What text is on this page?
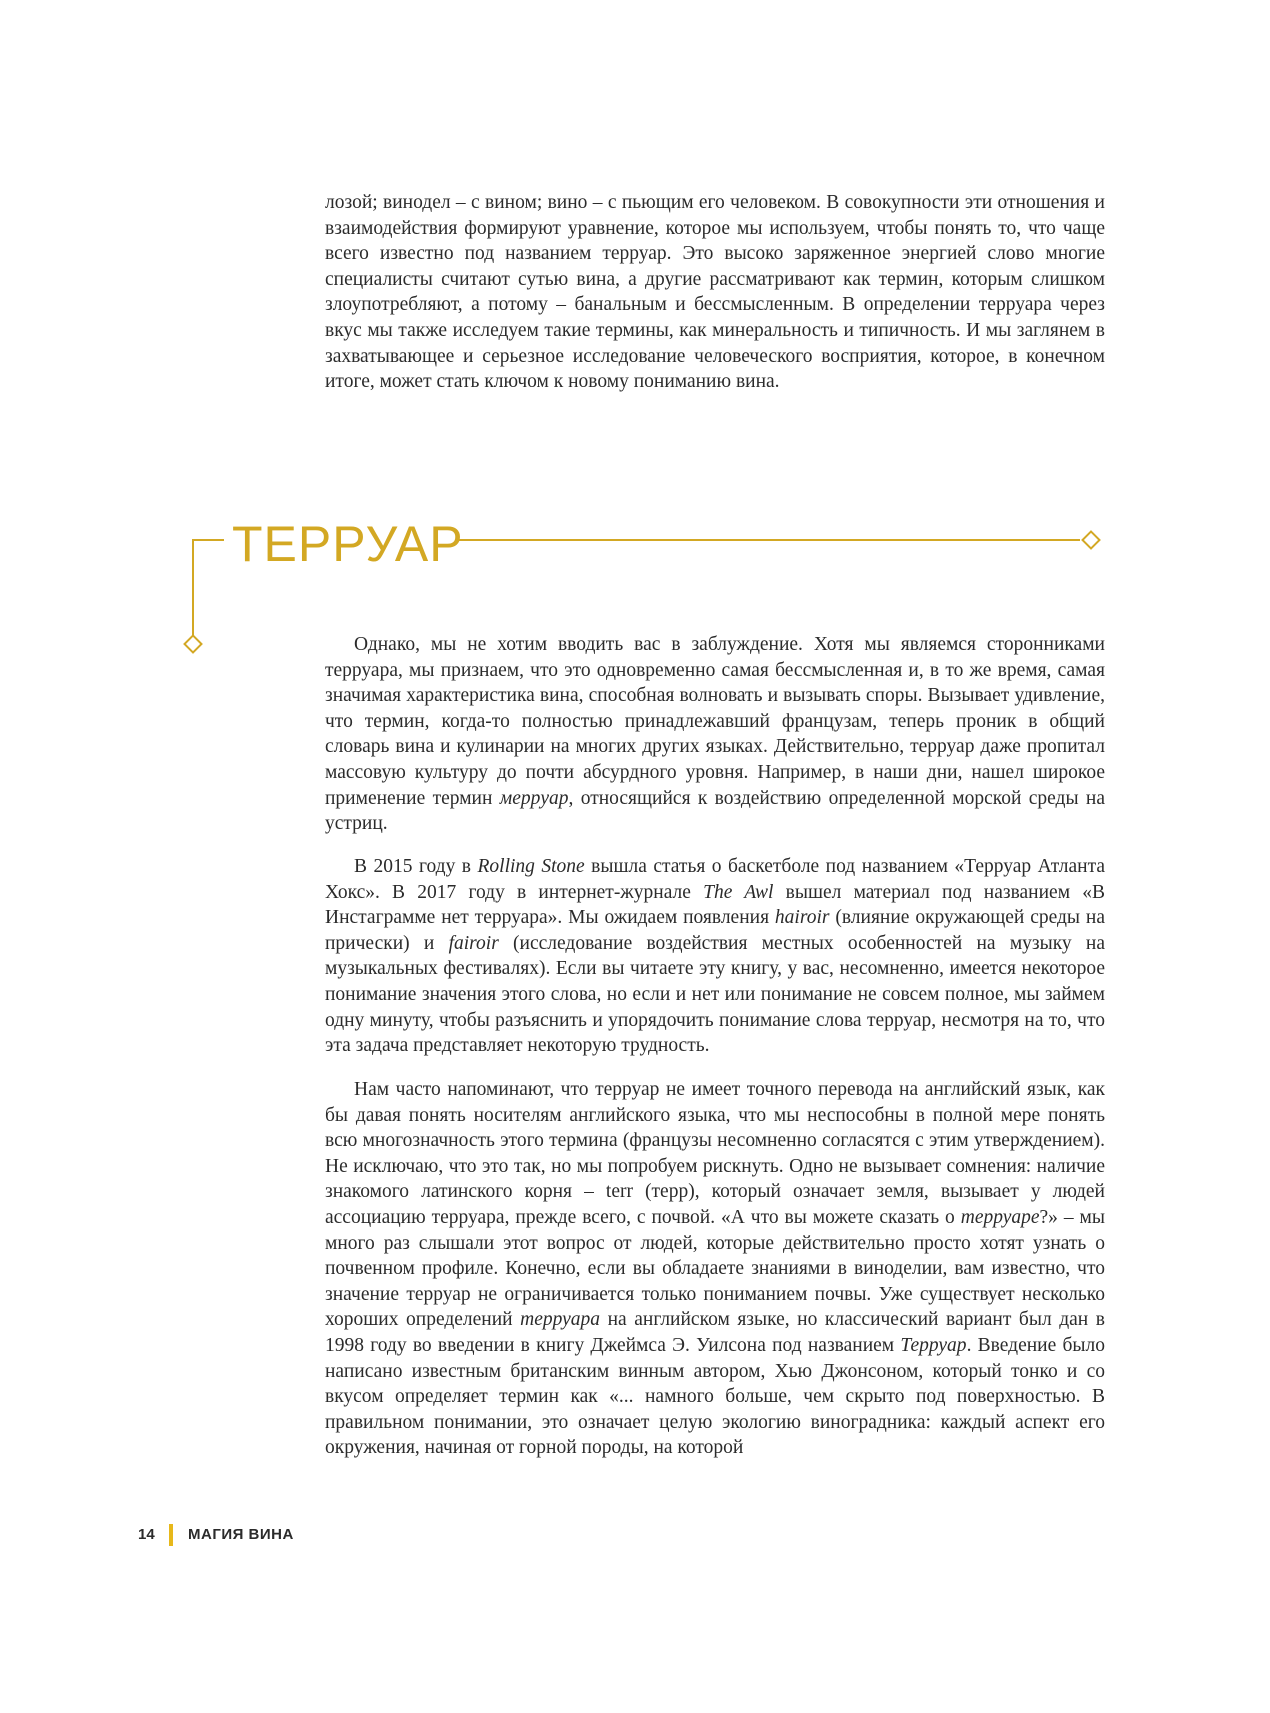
лозой; винодел – с вином; вино – с пьющим его человеком. В совокупности эти отношения и взаимодействия формируют уравнение, которое мы используем, чтобы понять то, что чаще всего известно под названием терруар. Это высоко заряженное энергией слово многие специалисты считают сутью вина, а другие рассматривают как термин, которым слишком злоупотребляют, а потому – банальным и бессмысленным. В определении терруара через вкус мы также исследуем такие термины, как минеральность и типичность. И мы заглянем в захватывающее и серьезное исследование человеческого восприятия, которое, в конечном итоге, может стать ключом к новому пониманию вина.

ТЕРРУАР

Однако, мы не хотим вводить вас в заблуждение. Хотя мы являемся сторонниками терруара, мы признаем, что это одновременно самая бессмысленная и, в то же время, самая значимая характеристика вина, способная волновать и вызывать споры. Вызывает удивление, что термин, когда-то полностью принадлежавший французам, теперь проник в общий словарь вина и кулинарии на многих других языках. Действительно, терруар даже пропитал массовую культуру до почти абсурдного уровня. Например, в наши дни, нашел широкое применение термин меррyар, относящийся к воздействию определенной морской среды на устриц.

В 2015 году в Rolling Stone вышла статья о баскетболе под названием «Терруар Атланта Хокс». В 2017 году в интернет-журнале The Awl вышел материал под названием «В Инстаграмме нет терруара». Мы ожидаем появления hairoir (влияние окружающей среды на прически) и fairoir (исследование воздействия местных особенностей на музыку на музыкальных фестивалях). Если вы читаете эту книгу, у вас, несомненно, имеется некоторое понимание значения этого слова, но если и нет или понимание не совсем полное, мы займем одну минуту, чтобы разъяснить и упорядочить понимание слова терруар, несмотря на то, что эта задача представляет некоторую трудность.

Нам часто напоминают, что терруар не имеет точного перевода на английский язык, как бы давая понять носителям английского языка, что мы неспособны в полной мере понять всю многозначность этого термина (французы несомненно согласятся с этим утверждением). Не исключаю, что это так, но мы попробуем рискнуть. Одно не вызывает сомнения: наличие знакомого латинского корня – terr (терр), который означает земля, вызывает у людей ассоциацию терруара, прежде всего, с почвой. «А что вы можете сказать о терруаре?» – мы много раз слышали этот вопрос от людей, которые действительно просто хотят узнать о почвенном профиле. Конечно, если вы обладаете знаниями в виноделии, вам известно, что значение терруар не ограничивается только пониманием почвы. Уже существует несколько хороших определений терруара на английском языке, но классический вариант был дан в 1998 году во введении в книгу Джеймса Э. Уилсона под названием Терруар. Введение было написано известным британским винным автором, Хью Джонсоном, который тонко и со вкусом определяет термин как «... намного больше, чем скрыто под поверхностью. В правильном понимании, это означает целую экологию виноградника: каждый аспект его окружения, начиная от горной породы, на которой

14 МАГИЯ ВИНА
